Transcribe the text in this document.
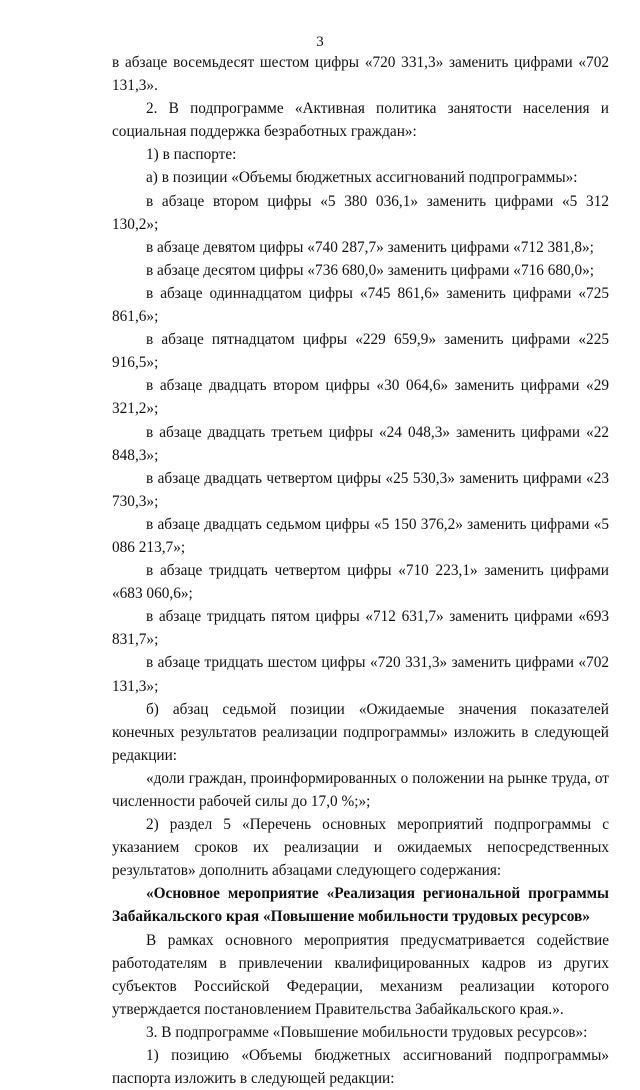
3

в абзаце восемьдесят шестом цифры «720 331,3» заменить цифрами «702 131,3».

2. В подпрограмме «Активная политика занятости населения и социальная поддержка безработных граждан»:

1) в паспорте:

а) в позиции «Объемы бюджетных ассигнований подпрограммы»:

в абзаце втором цифры «5 380 036,1» заменить цифрами «5 312 130,2»;

в абзаце девятом цифры «740 287,7» заменить цифрами «712 381,8»;

в абзаце десятом цифры «736 680,0» заменить цифрами «716 680,0»;

в абзаце одиннадцатом цифры «745 861,6» заменить цифрами «725 861,6»;

в абзаце пятнадцатом цифры «229 659,9» заменить цифрами «225 916,5»;

в абзаце двадцать втором цифры «30 064,6» заменить цифрами «29 321,2»;

в абзаце двадцать третьем цифры «24 048,3» заменить цифрами «22 848,3»;

в абзаце двадцать четвертом цифры «25 530,3» заменить цифрами «23 730,3»;

в абзаце двадцать седьмом цифры «5 150 376,2» заменить цифрами «5 086 213,7»;

в абзаце тридцать четвертом цифры «710 223,1» заменить цифрами «683 060,6»;

в абзаце тридцать пятом цифры «712 631,7» заменить цифрами «693 831,7»;

в абзаце тридцать шестом цифры «720 331,3» заменить цифрами «702 131,3»;

б) абзац седьмой позиции «Ожидаемые значения показателей конечных результатов реализации подпрограммы» изложить в следующей редакции:

«доли граждан, проинформированных о положении на рынке труда, от численности рабочей силы до 17,0 %;»;

2) раздел 5 «Перечень основных мероприятий подпрограммы с указанием сроков их реализации и ожидаемых непосредственных результатов» дополнить абзацами следующего содержания:

«Основное мероприятие «Реализация региональной программы Забайкальского края «Повышение мобильности трудовых ресурсов»

В рамках основного мероприятия предусматривается содействие работодателям в привлечении квалифицированных кадров из других субъектов Российской Федерации, механизм реализации которого утверждается постановлением Правительства Забайкальского края.».

3. В подпрограмме «Повышение мобильности трудовых ресурсов»:

1) позицию «Объемы бюджетных ассигнований подпрограммы» паспорта изложить в следующей редакции:
